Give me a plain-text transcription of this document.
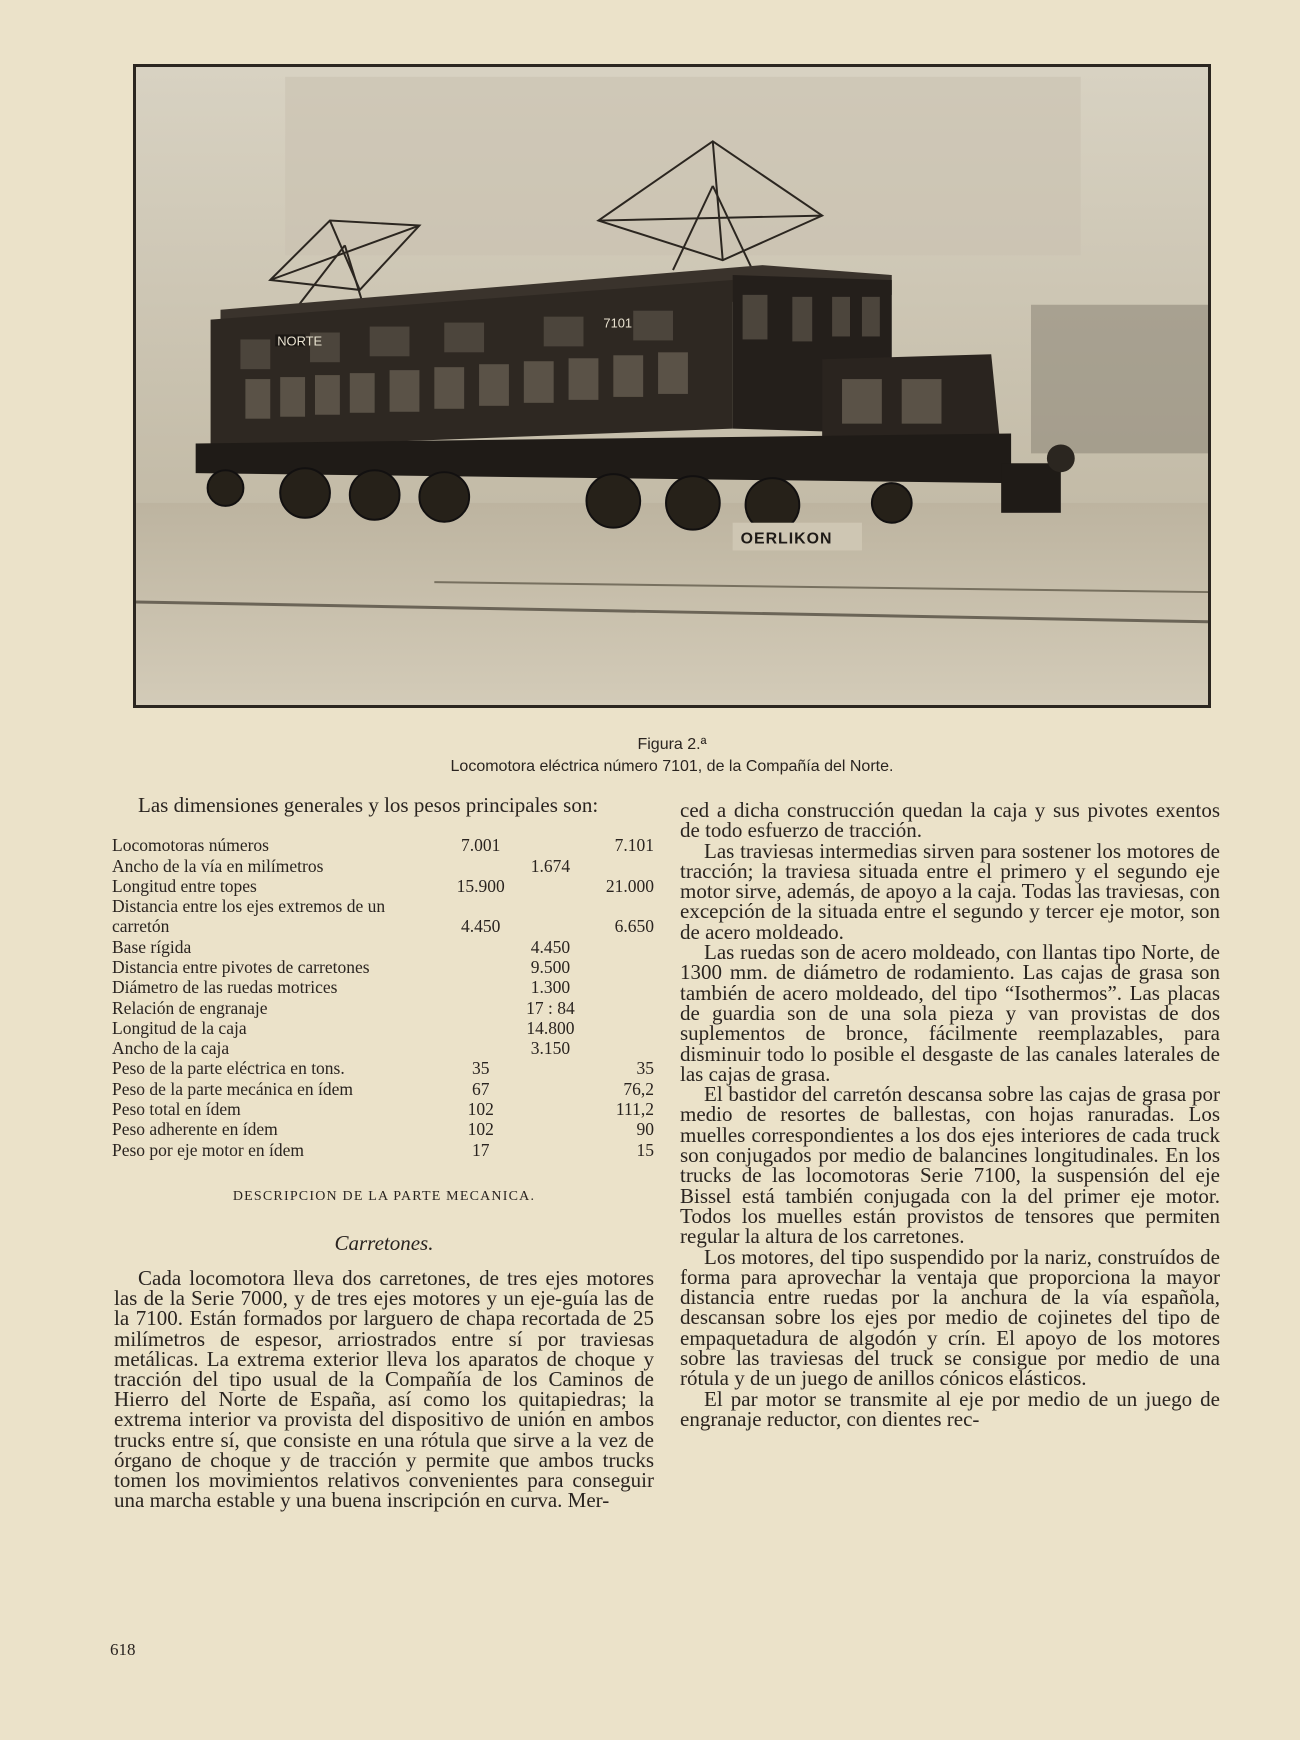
NORTE
7101
OERLIKON
Figura 2.ª
Locomotora eléctrica número 7101, de la Compañía del Norte.

Las dimensiones generales y los pesos principales son:

Locomotoras números	7.001		7.101
Ancho de la vía en milímetros		1.674	
Longitud entre topes	15.900		21.000
Distancia entre los ejes extremos de un carretón	4.450		6.650
Base rígida		4.450	
Distancia entre pivotes de carretones		9.500	
Diámetro de las ruedas motrices		1.300	
Relación de engranaje		17 : 84	
Longitud de la caja		14.800	
Ancho de la caja		3.150	
Peso de la parte eléctrica en tons.	35		35
Peso de la parte mecánica en ídem	67		76,2
Peso total en ídem	102		111,2
Peso adherente en ídem	102		90
Peso por eje motor en ídem	17		15
DESCRIPCION DE LA PARTE MECANICA.
Carretones.

Cada locomotora lleva dos carretones, de tres ejes motores las de la Serie 7000, y de tres ejes motores y un eje-guía las de la 7100. Están formados por larguero de chapa recortada de 25 milímetros de espesor, arriostrados entre sí por traviesas metálicas. La extrema exterior lleva los aparatos de choque y tracción del tipo usual de la Compañía de los Caminos de Hierro del Norte de España, así como los quitapiedras; la extrema interior va provista del dispositivo de unión en ambos trucks entre sí, que consiste en una rótula que sirve a la vez de órgano de choque y de tracción y permite que ambos trucks tomen los movimientos relativos convenientes para conseguir una marcha estable y una buena inscripción en curva. Mer-

ced a dicha construcción quedan la caja y sus pivotes exentos de todo esfuerzo de tracción.

Las traviesas intermedias sirven para sostener los motores de tracción; la traviesa situada entre el primero y el segundo eje motor sirve, además, de apoyo a la caja. Todas las traviesas, con excepción de la situada entre el segundo y tercer eje motor, son de acero moldeado.

Las ruedas son de acero moldeado, con llantas tipo Norte, de 1300 mm. de diámetro de rodamiento. Las cajas de grasa son también de acero moldeado, del tipo “Isothermos”. Las placas de guardia son de una sola pieza y van provistas de dos suplementos de bronce, fácilmente reemplazables, para disminuir todo lo posible el desgaste de las canales laterales de las cajas de grasa.

El bastidor del carretón descansa sobre las cajas de grasa por medio de resortes de ballestas, con hojas ranuradas. Los muelles correspondientes a los dos ejes interiores de cada truck son conjugados por medio de balancines longitudinales. En los trucks de las locomotoras Serie 7100, la suspensión del eje Bissel está también conjugada con la del primer eje motor. Todos los muelles están provistos de tensores que permiten regular la altura de los carretones.

Los motores, del tipo suspendido por la nariz, construídos de forma para aprovechar la ventaja que proporciona la mayor distancia entre ruedas por la anchura de la vía española, descansan sobre los ejes por medio de cojinetes del tipo de empaquetadura de algodón y crín. El apoyo de los motores sobre las traviesas del truck se consigue por medio de una rótula y de un juego de anillos cónicos elásticos.

El par motor se transmite al eje por medio de un juego de engranaje reductor, con dientes rec-

618
